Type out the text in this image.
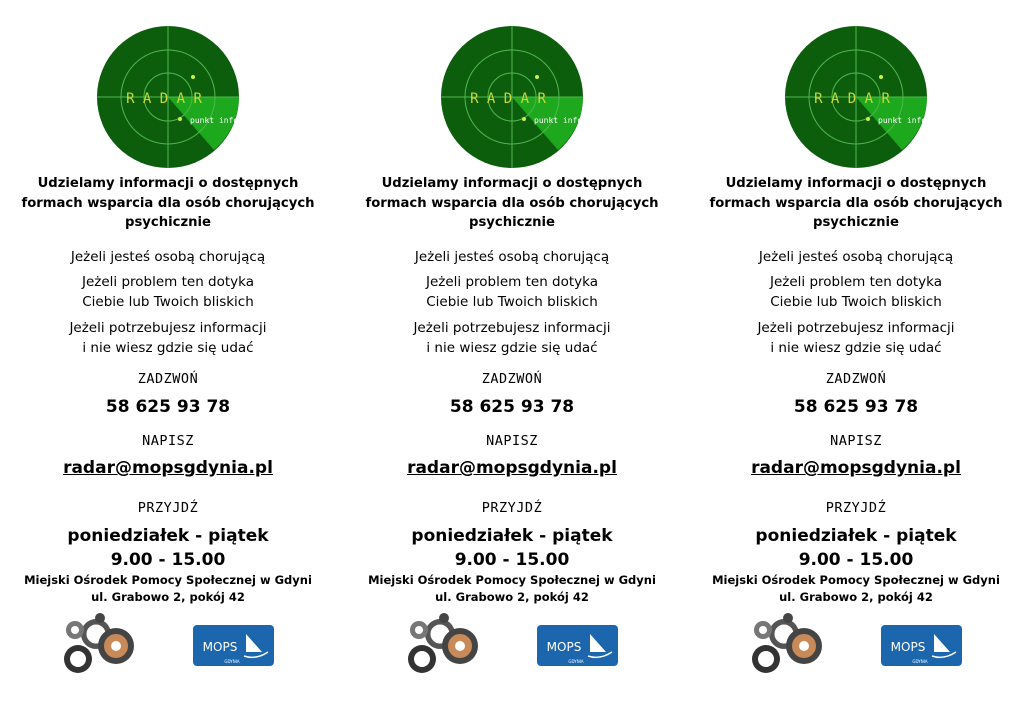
R A D A R
punkt informacyjny
Udzielamy informacji o dostępnych
formach wsparcia dla osób chorujących
psychicznie
Jeżeli jesteś osobą chorującą
Jeżeli problem ten dotyka
Ciebie lub Twoich bliskich
Jeżeli potrzebujesz informacji
i nie wiesz gdzie się udać
ZADZWOŃ
58 625 93 78
NAPISZ
radar@mopsgdynia.pl
PRZYJDŹ
poniedziałek - piątek
9.00 - 15.00
Miejski Ośrodek Pomocy Społecznej w Gdyni
ul. Grabowo 2, pokój 42
MOPS
GDYNIA
R A D A R
punkt informacyjny
Udzielamy informacji o dostępnych
formach wsparcia dla osób chorujących
psychicznie
Jeżeli jesteś osobą chorującą
Jeżeli problem ten dotyka
Ciebie lub Twoich bliskich
Jeżeli potrzebujesz informacji
i nie wiesz gdzie się udać
ZADZWOŃ
58 625 93 78
NAPISZ
radar@mopsgdynia.pl
PRZYJDŹ
poniedziałek - piątek
9.00 - 15.00
Miejski Ośrodek Pomocy Społecznej w Gdyni
ul. Grabowo 2, pokój 42
MOPS
GDYNIA
R A D A R
punkt informacyjny
Udzielamy informacji o dostępnych
formach wsparcia dla osób chorujących
psychicznie
Jeżeli jesteś osobą chorującą
Jeżeli problem ten dotyka
Ciebie lub Twoich bliskich
Jeżeli potrzebujesz informacji
i nie wiesz gdzie się udać
ZADZWOŃ
58 625 93 78
NAPISZ
radar@mopsgdynia.pl
PRZYJDŹ
poniedziałek - piątek
9.00 - 15.00
Miejski Ośrodek Pomocy Społecznej w Gdyni
ul. Grabowo 2, pokój 42
MOPS
GDYNIA
